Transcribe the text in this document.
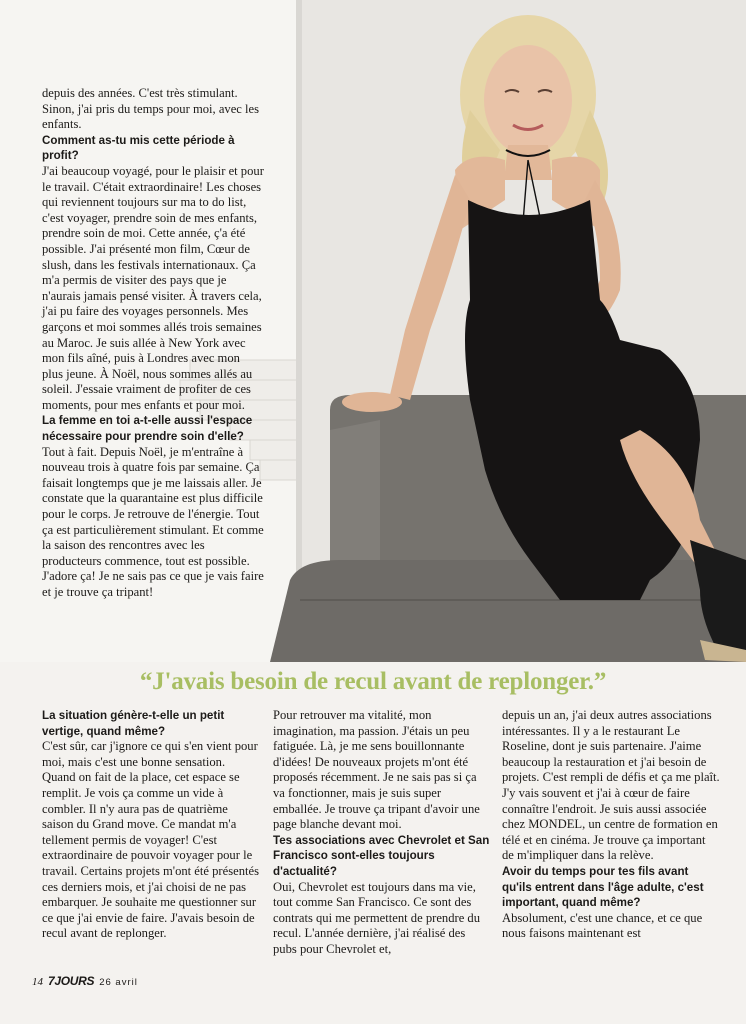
depuis des années. C'est très stimulant. Sinon, j'ai pris du temps pour moi, avec les enfants.

Comment as-tu mis cette période à profit?

J'ai beaucoup voyagé, pour le plaisir et pour le travail. C'était extraordinaire! Les choses qui reviennent toujours sur ma to do list, c'est voyager, prendre soin de mes enfants, prendre soin de moi. Cette année, ç'a été possible. J'ai présenté mon film, Cœur de slush, dans les festivals internationaux. Ça m'a permis de visiter des pays que je n'aurais jamais pensé visiter. À travers cela, j'ai pu faire des voyages personnels. Mes garçons et moi sommes allés trois semaines au Maroc. Je suis allée à New York avec mon fils aîné, puis à Londres avec mon plus jeune. À Noël, nous sommes allés au soleil. J'essaie vraiment de profiter de ces moments, pour mes enfants et pour moi.

La femme en toi a-t-elle aussi l'espace nécessaire pour prendre soin d'elle?

Tout à fait. Depuis Noël, je m'entraîne à nouveau trois à quatre fois par semaine. Ça faisait longtemps que je me laissais aller. Je constate que la quarantaine est plus difficile pour le corps. Je retrouve de l'énergie. Tout ça est particulièrement stimulant. Et comme la saison des rencontres avec les producteurs commence, tout est possible. J'adore ça! Je ne sais pas ce que je vais faire et je trouve ça tripant!

“J'avais besoin de recul avant de replonger.”

La situation génère-t-elle un petit vertige, quand même?

C'est sûr, car j'ignore ce qui s'en vient pour moi, mais c'est une bonne sensation. Quand on fait de la place, cet espace se remplit. Je vois ça comme un vide à combler. Il n'y aura pas de quatrième saison du Grand move. Ce mandat m'a tellement permis de voyager! C'est extraordinaire de pouvoir voyager pour le travail. Certains projets m'ont été présentés ces derniers mois, et j'ai choisi de ne pas embarquer. Je souhaite me questionner sur ce que j'ai envie de faire. J'avais besoin de recul avant de replonger.

Pour retrouver ma vitalité, mon imagination, ma passion. J'étais un peu fatiguée. Là, je me sens bouillonnante d'idées! De nouveaux projets m'ont été proposés récemment. Je ne sais pas si ça va fonctionner, mais je suis super emballée. Je trouve ça tripant d'avoir une page blanche devant moi.

Tes associations avec Chevrolet et San Francisco sont-elles toujours d'actualité?

Oui, Chevrolet est toujours dans ma vie, tout comme San Francisco. Ce sont des contrats qui me permettent de prendre du recul. L'année dernière, j'ai réalisé des pubs pour Chevrolet et,

depuis un an, j'ai deux autres associations intéressantes. Il y a le restaurant Le Roseline, dont je suis partenaire. J'aime beaucoup la restauration et j'ai besoin de projets. C'est rempli de défis et ça me plaît. J'y vais souvent et j'ai à cœur de faire connaître l'endroit. Je suis aussi associée chez MONDEL, un centre de formation en télé et en cinéma. Je trouve ça important de m'impliquer dans la relève.

Avoir du temps pour tes fils avant qu'ils entrent dans l'âge adulte, c'est important, quand même?

Absolument, c'est une chance, et ce que nous faisons maintenant est

14 7JOURS 26 avril
